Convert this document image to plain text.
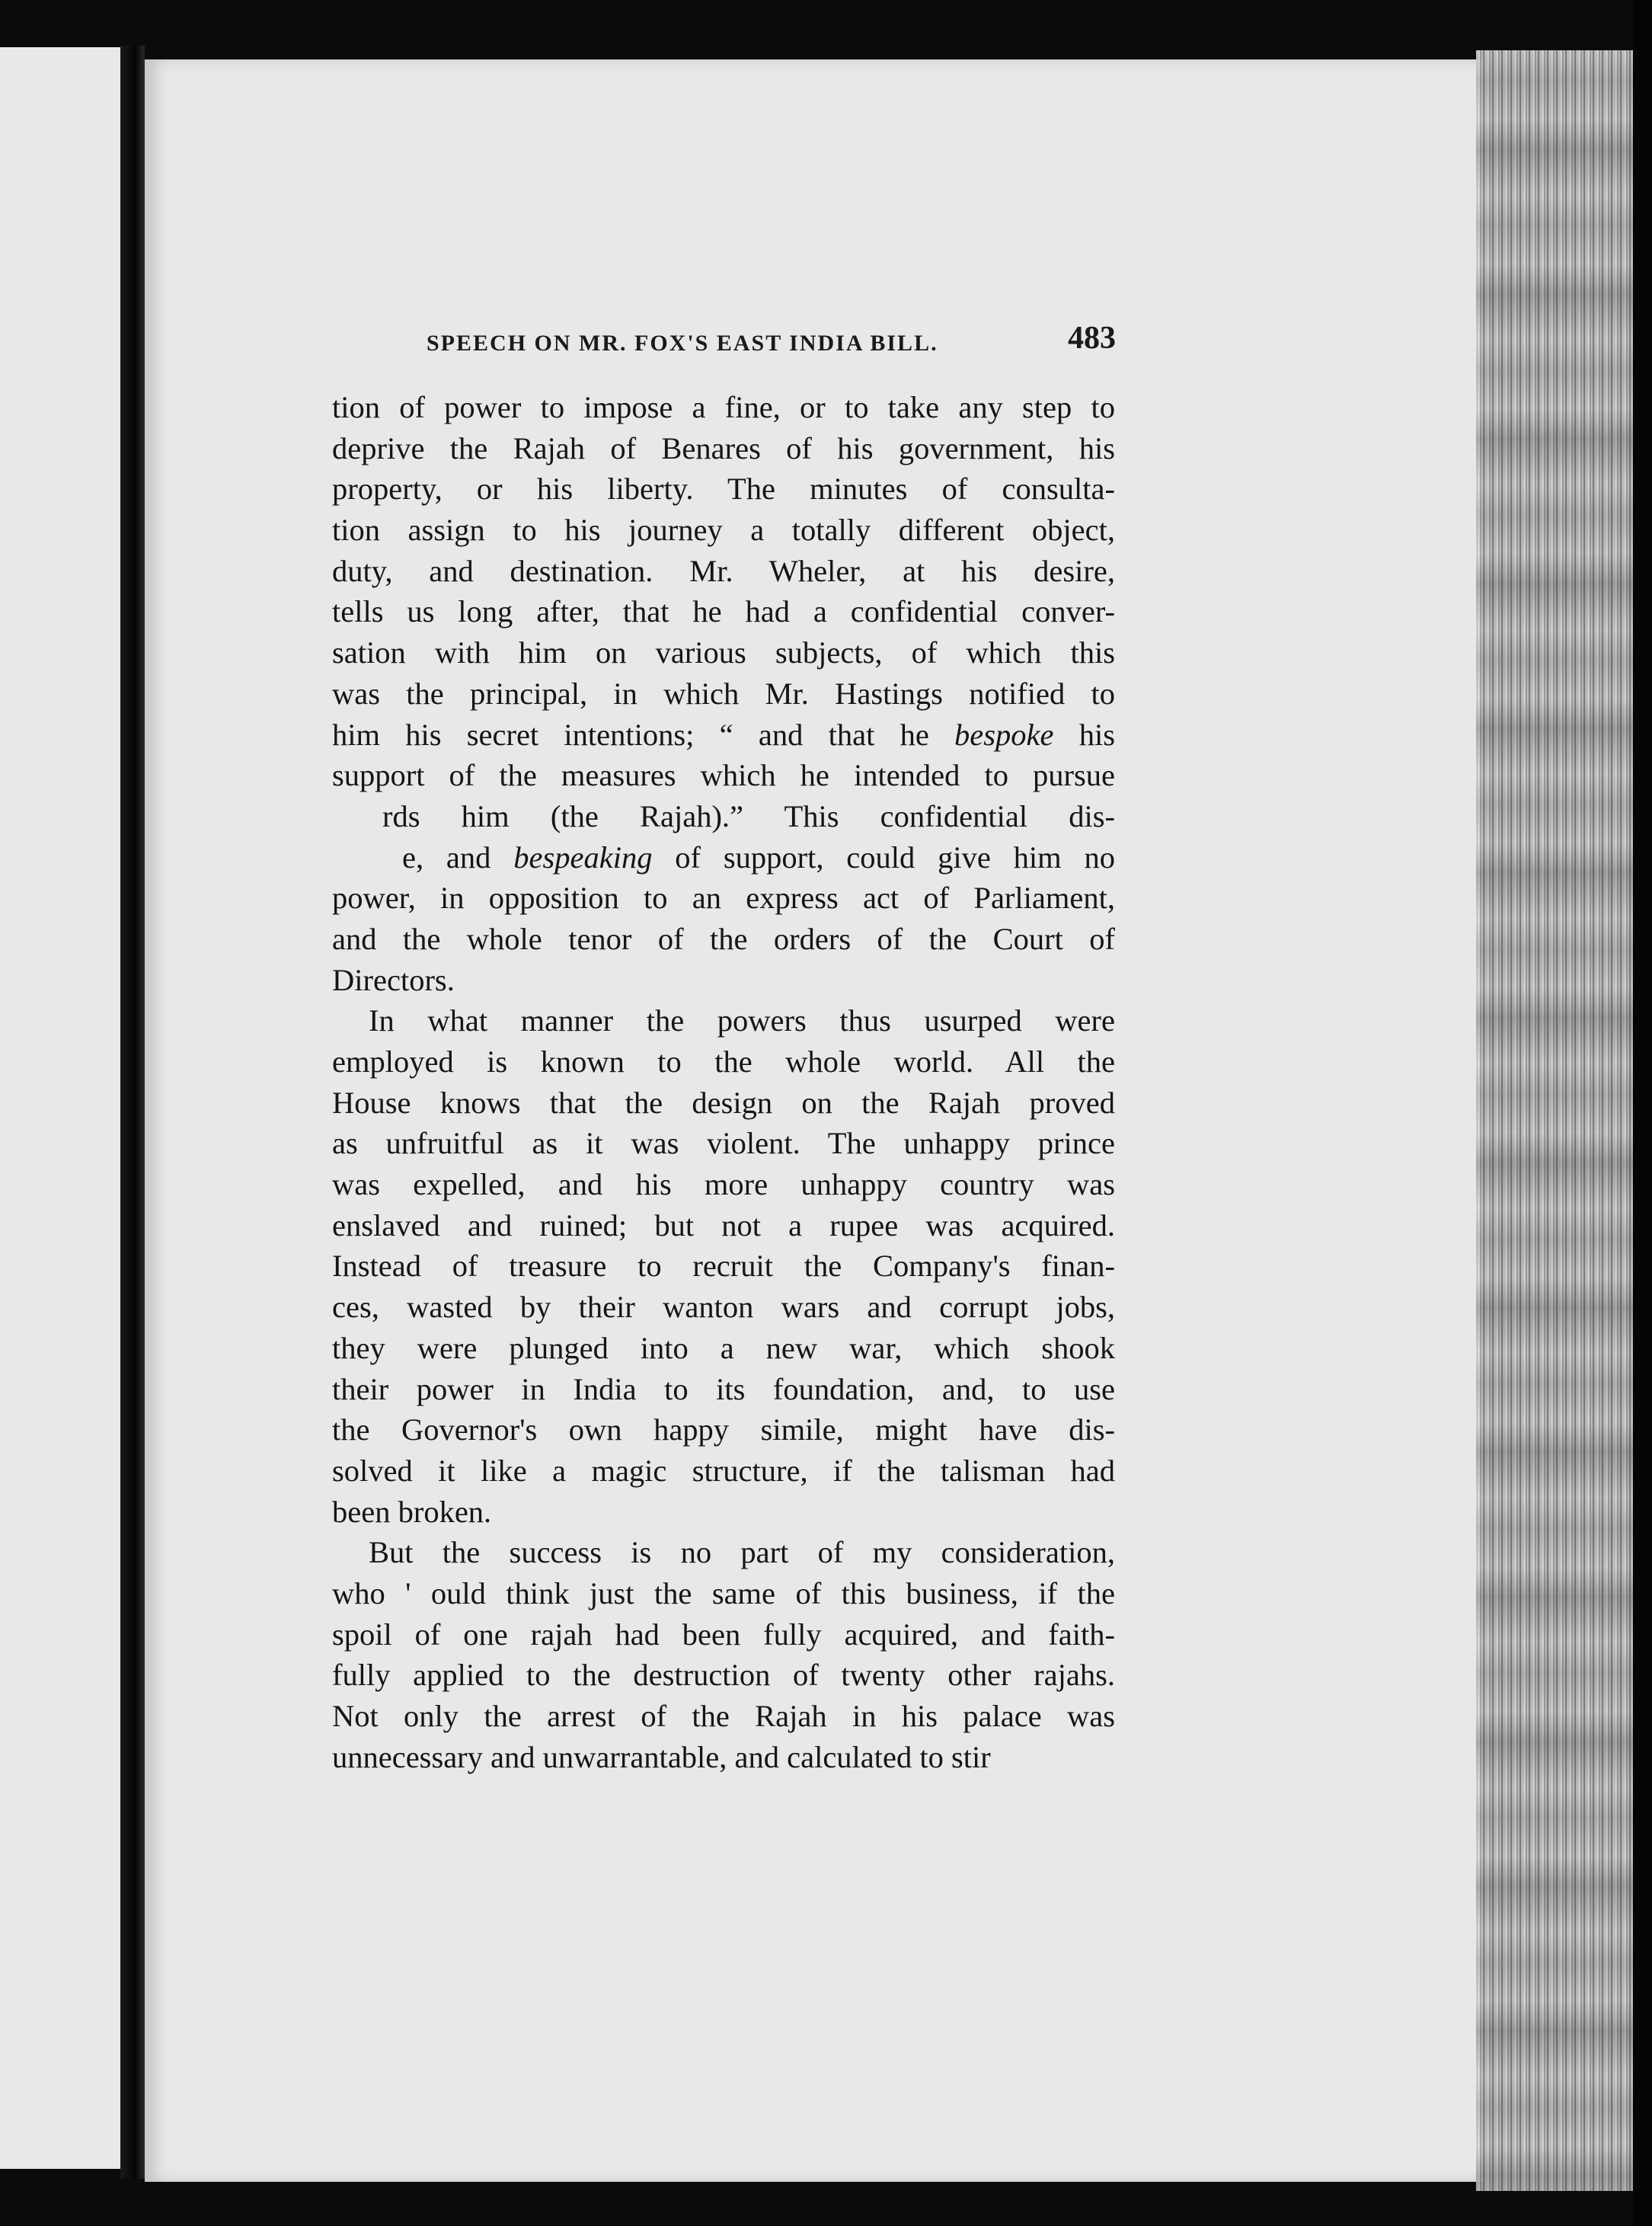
SPEECH ON MR. FOX'S EAST INDIA BILL.	483
tion of power to impose a fine, or to take any step to
deprive the Rajah of Benares of his government, his
property, or his liberty. The minutes of consulta-
tion assign to his journey a totally different object,
duty, and destination. Mr. Wheler, at his desire,
tells us long after, that he had a confidential conver-
sation with him on various subjects, of which this
was the principal, in which Mr. Hastings notified to
him his secret intentions; “ and that he bespoke his
support of the measures which he intended to pursue
rds him (the Rajah).” This confidential dis-
e, and bespeaking of support, could give him no
power, in opposition to an express act of Parliament,
and the whole tenor of the orders of the Court of
Directors.
In what manner the powers thus usurped were
employed is known to the whole world. All the
House knows that the design on the Rajah proved
as unfruitful as it was violent. The unhappy prince
was expelled, and his more unhappy country was
enslaved and ruined; but not a rupee was acquired.
Instead of treasure to recruit the Company's finan-
ces, wasted by their wanton wars and corrupt jobs,
they were plunged into a new war, which shook
their power in India to its foundation, and, to use
the Governor's own happy simile, might have dis-
solved it like a magic structure, if the talisman had
been broken.
But the success is no part of my consideration,
who ' ould think just the same of this business, if the
spoil of one rajah had been fully acquired, and faith-
fully applied to the destruction of twenty other rajahs.
Not only the arrest of the Rajah in his palace was
unnecessary and unwarrantable, and calculated to stir
